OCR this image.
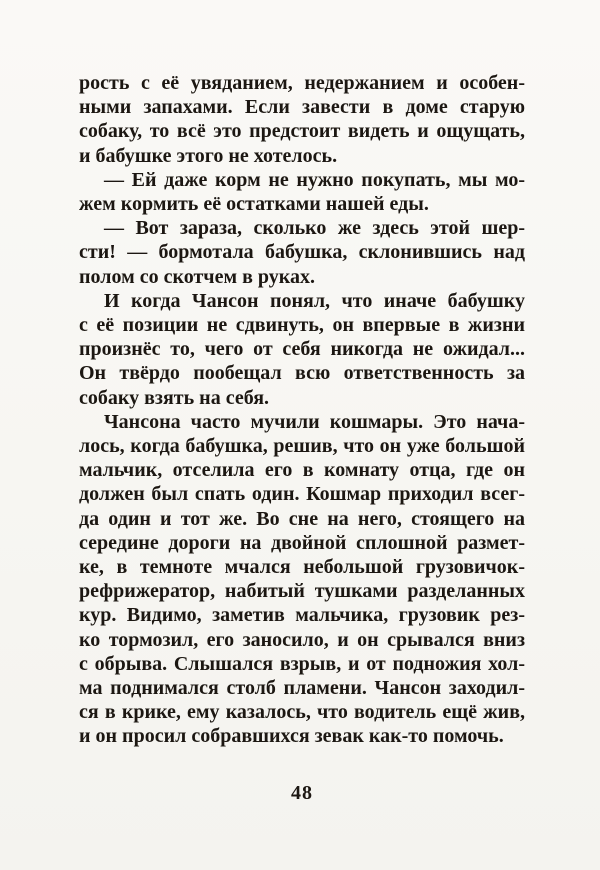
рость с её увяданием, недержанием и особен-
ными запахами. Если завести в доме старую
собаку, то всё это предстоит видеть и ощущать,
и бабушке этого не хотелось.
— Ей даже корм не нужно покупать, мы мо-
жем кормить её остатками нашей еды.
— Вот зараза, сколько же здесь этой шер-
сти! — бормотала бабушка, склонившись над
полом со скотчем в руках.
И когда Чансон понял, что иначе бабушку
с её позиции не сдвинуть, он впервые в жизни
произнёс то, чего от себя никогда не ожидал...
Он твёрдо пообещал всю ответственность за
собаку взять на себя.
Чансона часто мучили кошмары. Это нача-
лось, когда бабушка, решив, что он уже большой
мальчик, отселила его в комнату отца, где он
должен был спать один. Кошмар приходил всег-
да один и тот же. Во сне на него, стоящего на
середине дороги на двойной сплошной размет-
ке, в темноте мчался небольшой грузовичок-
рефрижератор, набитый тушками разделанных
кур. Видимо, заметив мальчика, грузовик рез-
ко тормозил, его заносило, и он срывался вниз
с обрыва. Слышался взрыв, и от подножия хол-
ма поднимался столб пламени. Чансон заходил-
ся в крике, ему казалось, что водитель ещё жив,
и он просил собравшихся зевак как-то помочь.
48
